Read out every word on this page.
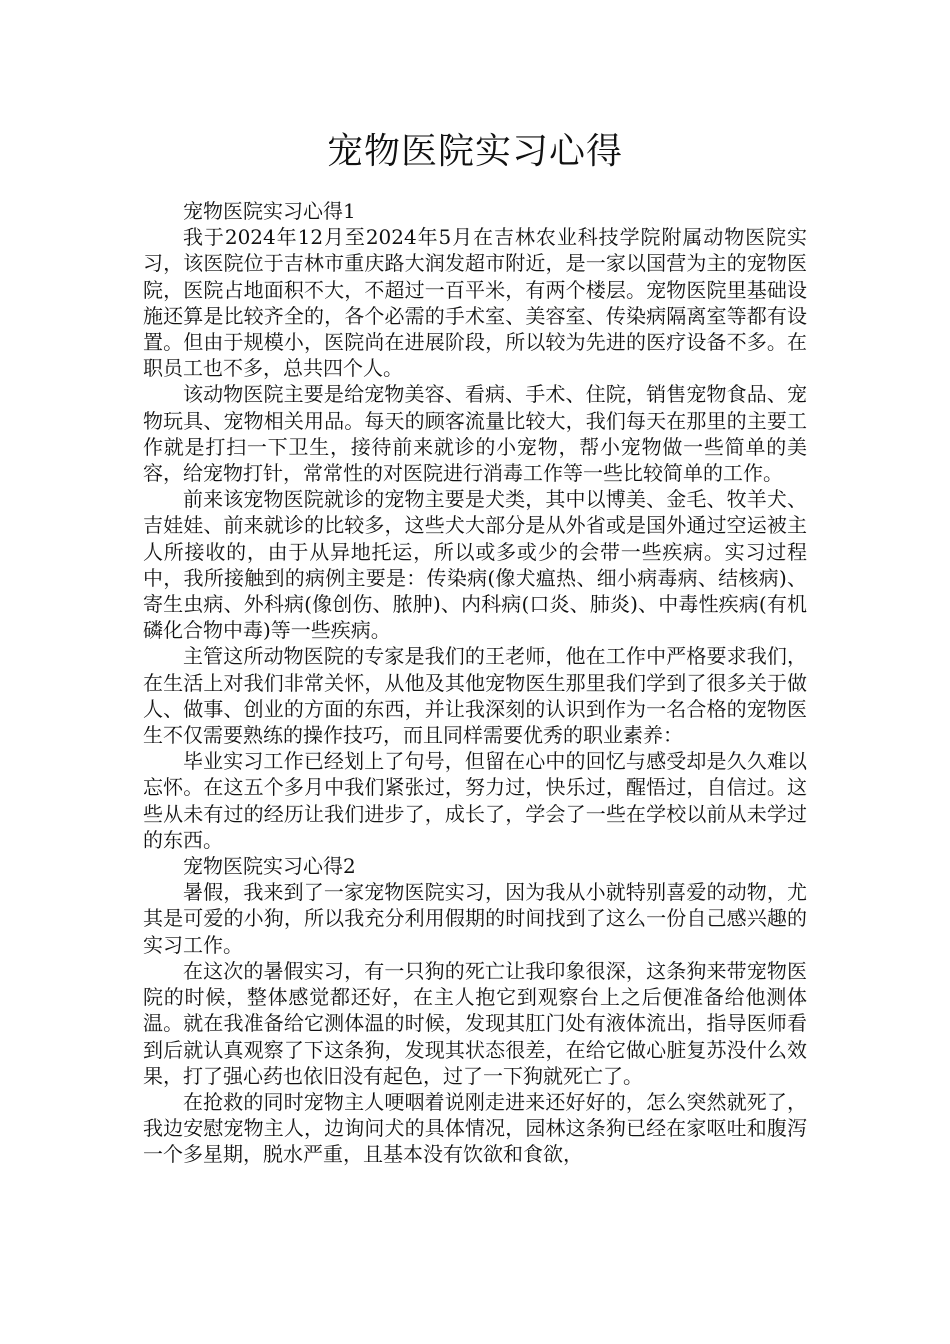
宠物医院实习心得

宠物医院实习心得1

我于2024年12月至2024年5月在吉林农业科技学院附属动物医院实习，该医院位于吉林市重庆路大润发超市附近，是一家以国营为主的宠物医院，医院占地面积不大，不超过一百平米，有两个楼层。宠物医院里基础设施还算是比较齐全的，各个必需的手术室、美容室、传染病隔离室等都有设置。但由于规模小，医院尚在进展阶段，所以较为先进的医疗设备不多。在职员工也不多，总共四个人。

该动物医院主要是给宠物美容、看病、手术、住院，销售宠物食品、宠物玩具、宠物相关用品。每天的顾客流量比较大，我们每天在那里的主要工作就是打扫一下卫生，接待前来就诊的小宠物，帮小宠物做一些简单的美容，给宠物打针，常常性的对医院进行消毒工作等一些比较简单的工作。

前来该宠物医院就诊的宠物主要是犬类，其中以博美、金毛、牧羊犬、吉娃娃、前来就诊的比较多，这些犬大部分是从外省或是国外通过空运被主人所接收的，由于从异地托运，所以或多或少的会带一些疾病。实习过程中，我所接触到的病例主要是：传染病(像犬瘟热、细小病毒病、结核病)、寄生虫病、外科病(像创伤、脓肿)、内科病(口炎、肺炎)、中毒性疾病(有机磷化合物中毒)等一些疾病。

主管这所动物医院的专家是我们的王老师，他在工作中严格要求我们，在生活上对我们非常关怀，从他及其他宠物医生那里我们学到了很多关于做人、做事、创业的方面的东西，并让我深刻的认识到作为一名合格的宠物医生不仅需要熟练的操作技巧，而且同样需要优秀的职业素养：

毕业实习工作已经划上了句号，但留在心中的回忆与感受却是久久难以忘怀。在这五个多月中我们紧张过，努力过，快乐过，醒悟过，自信过。这些从未有过的经历让我们进步了，成长了，学会了一些在学校以前从未学过的东西。

宠物医院实习心得2

暑假，我来到了一家宠物医院实习，因为我从小就特别喜爱的动物，尤其是可爱的小狗，所以我充分利用假期的时间找到了这么一份自己感兴趣的实习工作。

在这次的暑假实习，有一只狗的死亡让我印象很深，这条狗来带宠物医院的时候，整体感觉都还好，在主人抱它到观察台上之后便准备给他测体温。就在我准备给它测体温的时候，发现其肛门处有液体流出，指导医师看到后就认真观察了下这条狗，发现其状态很差，在给它做心脏复苏没什么效果，打了强心药也依旧没有起色，过了一下狗就死亡了。

在抢救的同时宠物主人哽咽着说刚走进来还好好的，怎么突然就死了，我边安慰宠物主人，边询问犬的具体情况，园林这条狗已经在家呕吐和腹泻一个多星期，脱水严重，且基本没有饮欲和食欲，
